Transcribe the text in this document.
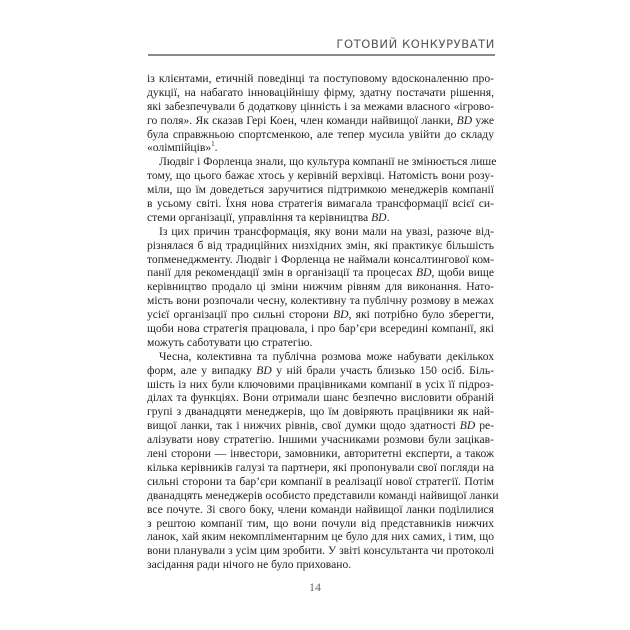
ГОТОВИЙ КОНКУРУВАТИ
із клієнтами, етичній поведінці та поступовому вдосконаленню про-
дукції, на набагато інноваційнішу фірму, здатну постачати рішення,
які забезпечували б додаткову цінність і за межами власного «ігрово-
го поля». Як сказав Гері Коен, член команди найвищої ланки, BD уже
була справжньою спортсменкою, але тепер мусила увійти до складу
«олімпійців»$^1$.
Людвіг і Форленца знали, що культура компанії не змінюється лише
тому, що цього бажає хтось у керівній верхівці. Натомість вони розу-
міли, що їм доведеться заручитися підтримкою менеджерів компанії
в усьому світі. Їхня нова стратегія вимагала трансформації всієї си-
стеми організації, управління та керівництва BD.
Із цих причин трансформація, яку вони мали на увазі, разюче від-
різнялася б від традиційних низхідних змін, які практикує більшість
топменеджменту. Людвіг і Форленца не наймали консалтингової ком-
панії для рекомендації змін в організації та процесах BD, щоби вище
керівництво продало ці зміни нижчим рівням для виконання. Нато-
мість вони розпочали чесну, колективну та публічну розмову в межах
усієї організації про сильні сторони BD, які потрібно було зберегти,
щоби нова стратегія працювала, і про бар’єри всередині компанії, які
можуть саботувати цю стратегію.
Чесна, колективна та публічна розмова може набувати декількох
форм, але у випадку BD у ній брали участь близько 150 осіб. Біль-
шість із них були ключовими працівниками компанії в усіх її підроз-
ділах та функціях. Вони отримали шанс безпечно висловити обраній
групі з дванадцяти менеджерів, що їм довіряють працівники як най-
вищої ланки, так і нижчих рівнів, свої думки щодо здатності BD ре-
алізувати нову стратегію. Іншими учасниками розмови були зацікав-
лені сторони — інвестори, замовники, авторитетні експерти, а також
кілька керівників галузі та партнери, які пропонували свої погляди на
сильні сторони та бар’єри компанії в реалізації нової стратегії. Потім
дванадцять менеджерів особисто представили команді найвищої ланки
все почуте. Зі свого боку, члени команди найвищої ланки поділилися
з рештою компанії тим, що вони почули від представників нижчих
ланок, хай яким некомпліментарним це було для них самих, і тим, що
вони планували з усім цим зробити. У звіті консультанта чи протоколі
засідання ради нічого не було приховано.
14
